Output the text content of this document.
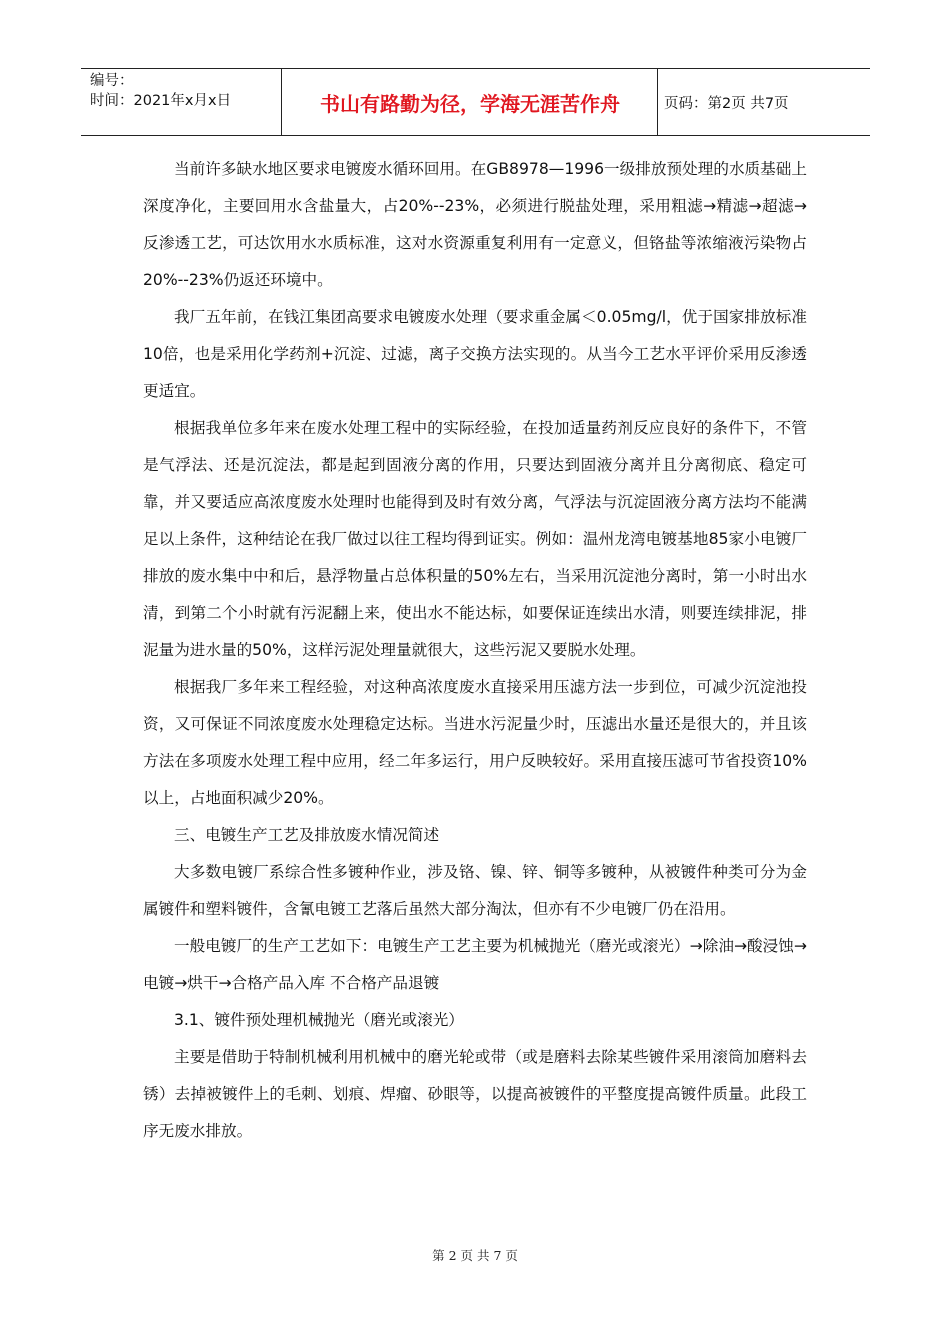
编号：
时间：2021年x月x日	书山有路勤为径，学海无涯苦作舟	页码：第2页 共7页

当前许多缺水地区要求电镀废水循环回用。在GB8978—1996一级排放预处理的水质基础上深度净化，主要回用水含盐量大，占20%--23%，必须进行脱盐处理，采用粗滤→精滤→超滤→反渗透工艺，可达饮用水水质标准，这对水资源重复利用有一定意义，但铬盐等浓缩液污染物占20%--23%仍返还环境中。

我厂五年前，在钱江集团高要求电镀废水处理（要求重金属＜0.05mg/l，优于国家排放标准10倍，也是采用化学药剂+沉淀、过滤，离子交换方法实现的。从当今工艺水平评价采用反渗透更适宜。

根据我单位多年来在废水处理工程中的实际经验，在投加适量药剂反应良好的条件下，不管是气浮法、还是沉淀法，都是起到固液分离的作用，只要达到固液分离并且分离彻底、稳定可靠，并又要适应高浓度废水处理时也能得到及时有效分离，气浮法与沉淀固液分离方法均不能满足以上条件，这种结论在我厂做过以往工程均得到证实。例如：温州龙湾电镀基地85家小电镀厂排放的废水集中中和后，悬浮物量占总体积量的50%左右，当采用沉淀池分离时，第一小时出水清，到第二个小时就有污泥翻上来，使出水不能达标，如要保证连续出水清，则要连续排泥，排泥量为进水量的50%，这样污泥处理量就很大，这些污泥又要脱水处理。

根据我厂多年来工程经验，对这种高浓度废水直接采用压滤方法一步到位，可减少沉淀池投资，又可保证不同浓度废水处理稳定达标。当进水污泥量少时，压滤出水量还是很大的，并且该方法在多项废水处理工程中应用，经二年多运行，用户反映较好。采用直接压滤可节省投资10%以上，占地面积减少20%。

三、电镀生产工艺及排放废水情况简述

大多数电镀厂系综合性多镀种作业，涉及铬、镍、锌、铜等多镀种，从被镀件种类可分为金属镀件和塑料镀件，含氰电镀工艺落后虽然大部分淘汰，但亦有不少电镀厂仍在沿用。

一般电镀厂的生产工艺如下：电镀生产工艺主要为机械抛光（磨光或滚光）→除油→酸浸蚀→电镀→烘干→合格产品入库 不合格产品退镀

3.1、镀件预处理机械抛光（磨光或滚光）

主要是借助于特制机械利用机械中的磨光轮或带（或是磨料去除某些镀件采用滚筒加磨料去锈）去掉被镀件上的毛刺、划痕、焊瘤、砂眼等，以提高被镀件的平整度提高镀件质量。此段工序无废水排放。

第 2 页 共 7 页
